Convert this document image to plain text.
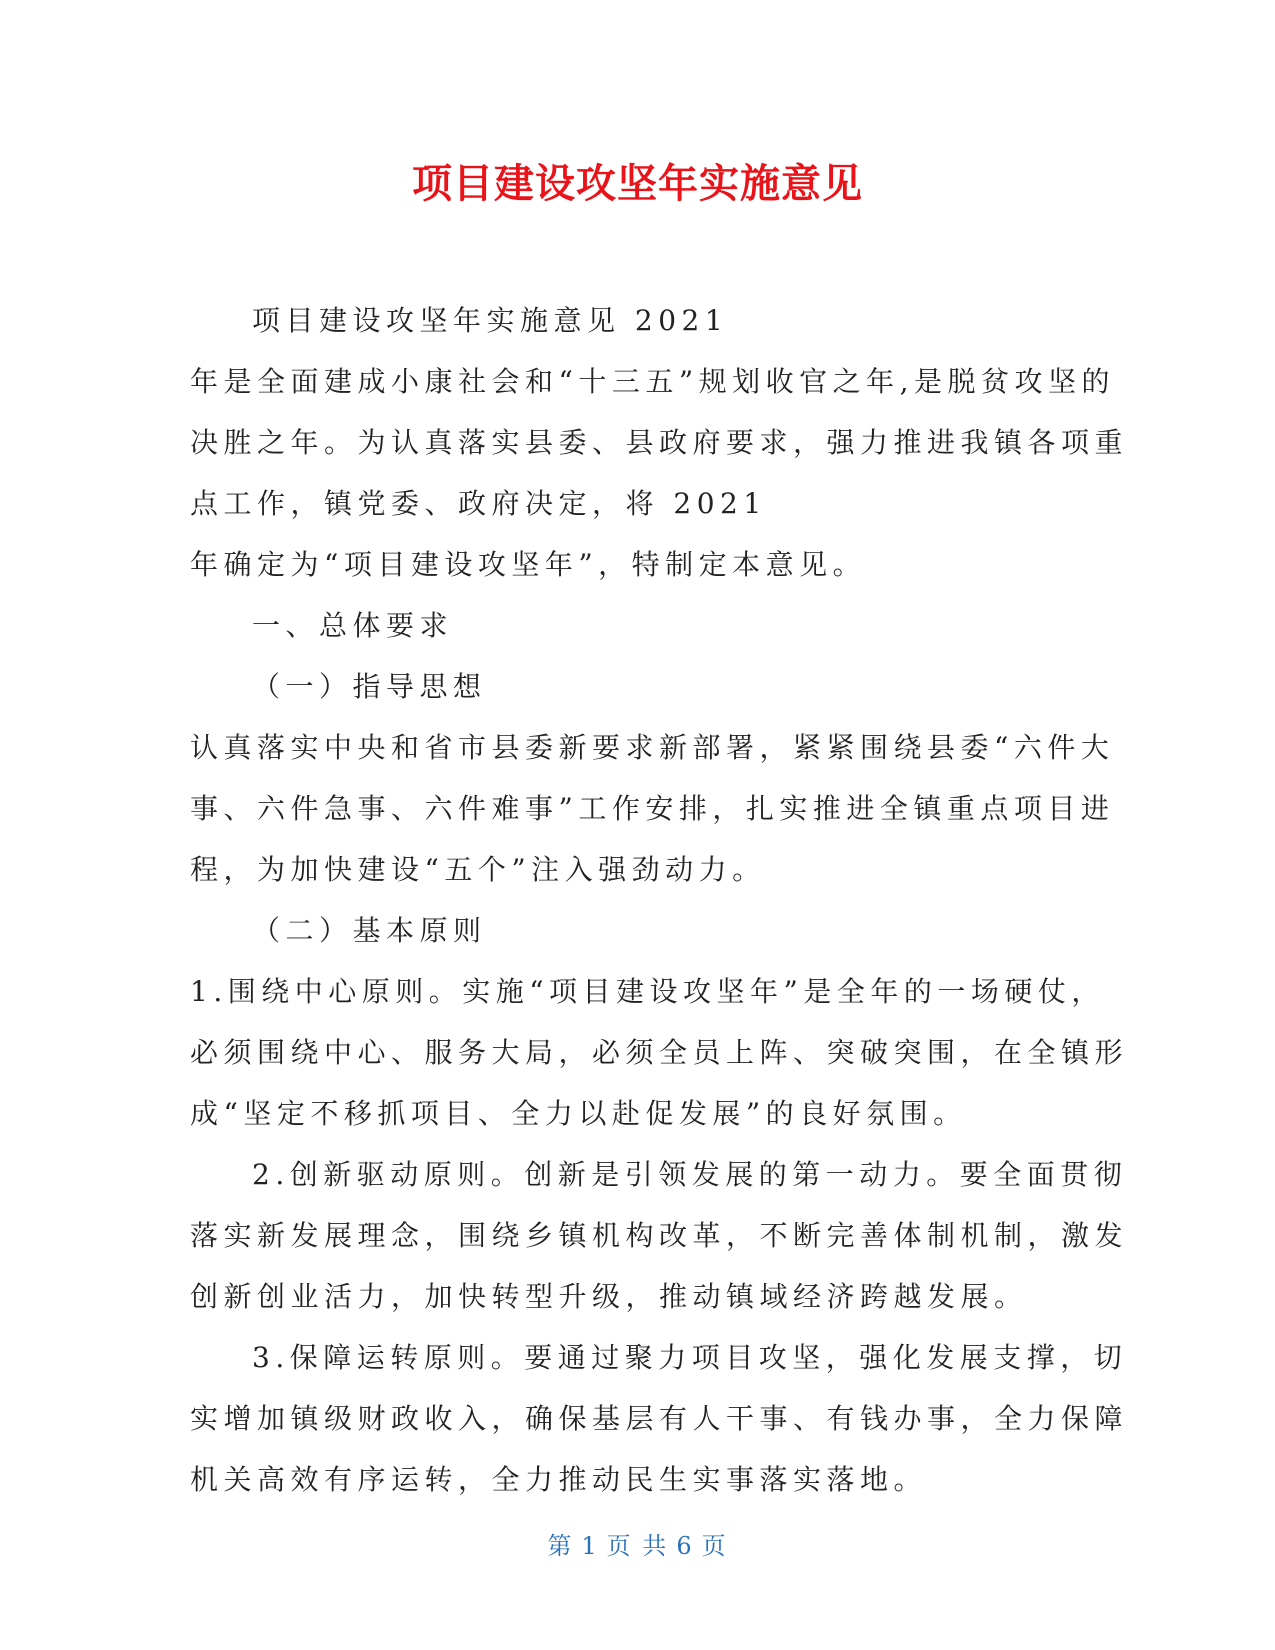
项目建设攻坚年实施意见
项目建设攻坚年实施意见 2021
年是全面建成小康社会和“十三五”规划收官之年,是脱贫攻坚的
决胜之年。为认真落实县委、县政府要求，强力推进我镇各项重
点工作，镇党委、政府决定，将 2021
年确定为“项目建设攻坚年”，特制定本意见。
一、总体要求
（一）指导思想
认真落实中央和省市县委新要求新部署，紧紧围绕县委“六件大
事、六件急事、六件难事”工作安排，扎实推进全镇重点项目进
程，为加快建设“五个”注入强劲动力。
（二）基本原则
1.围绕中心原则。实施“项目建设攻坚年”是全年的一场硬仗，
必须围绕中心、服务大局，必须全员上阵、突破突围，在全镇形
成“坚定不移抓项目、全力以赴促发展”的良好氛围。
2.创新驱动原则。创新是引领发展的第一动力。要全面贯彻
落实新发展理念，围绕乡镇机构改革，不断完善体制机制，激发
创新创业活力，加快转型升级，推动镇域经济跨越发展。
3.保障运转原则。要通过聚力项目攻坚，强化发展支撑，切
实增加镇级财政收入，确保基层有人干事、有钱办事，全力保障
机关高效有序运转，全力推动民生实事落实落地。
第 1 页 共 6 页
